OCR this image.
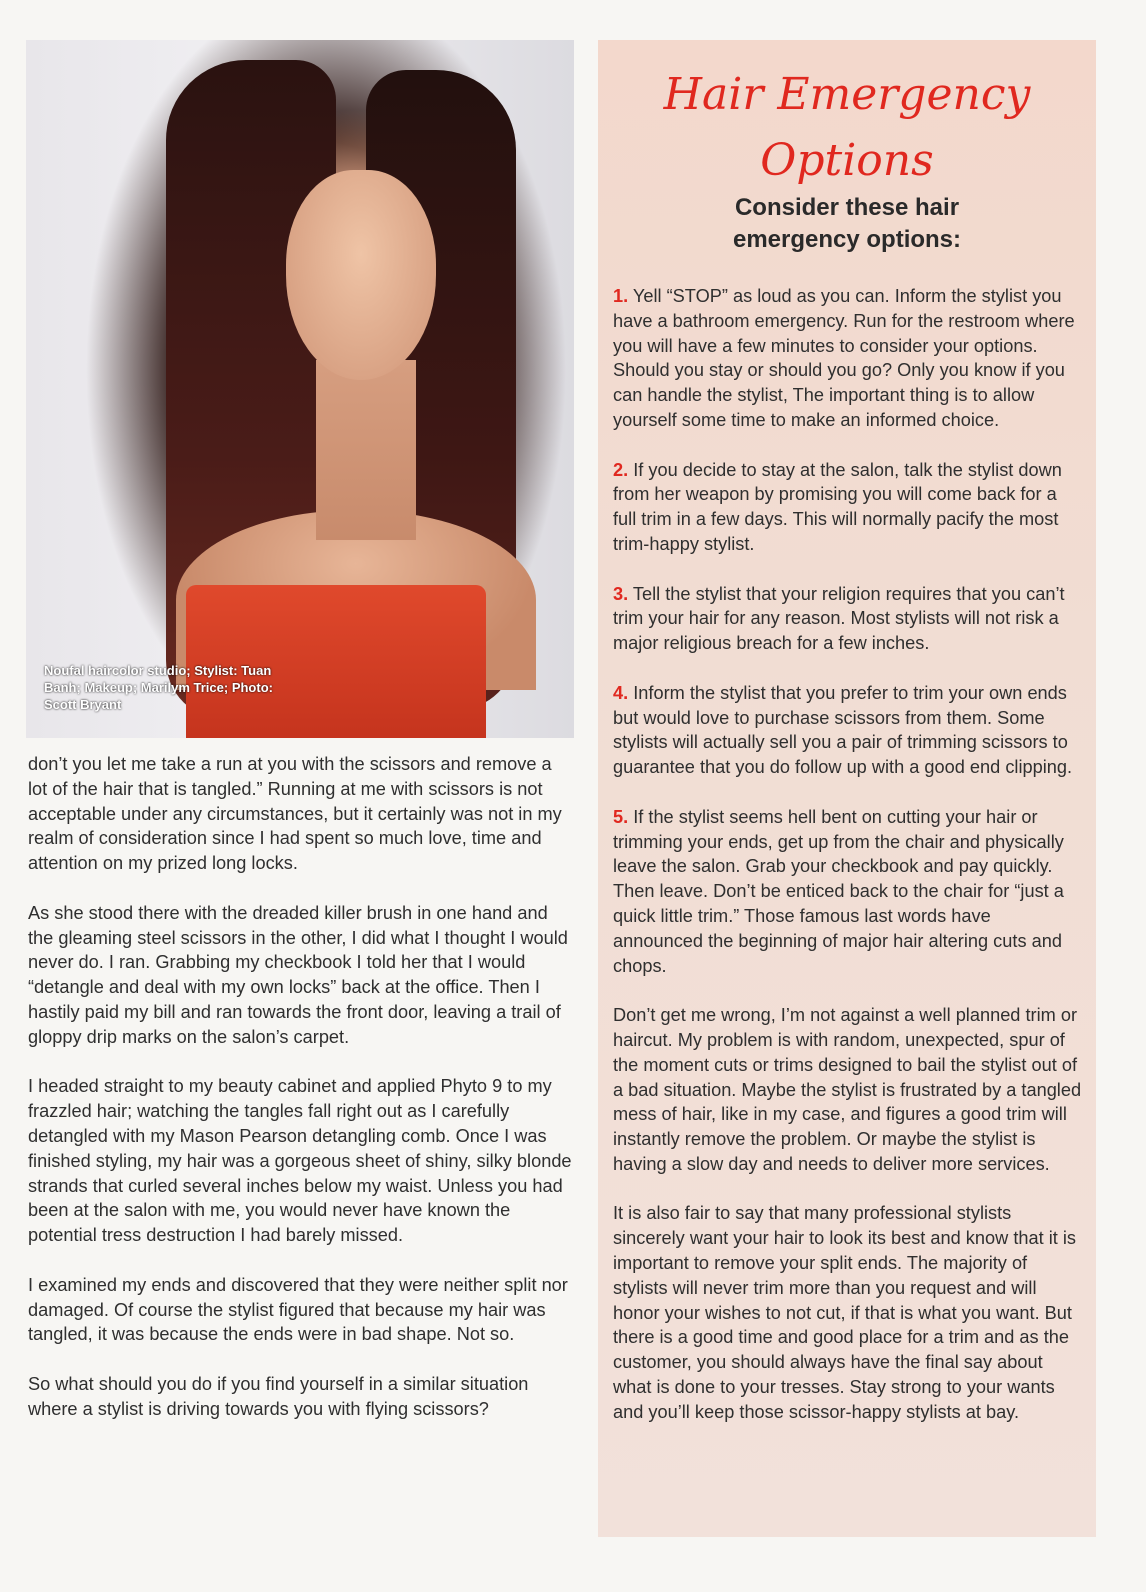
Noufal haircolor studio; Stylist: Tuan Banh; Makeup; Marilym Trice; Photo: Scott Bryant

don’t you let me take a run at you with the scissors and remove a lot of the hair that is tangled.” Running at me with scissors is not acceptable under any circumstances, but it certainly was not in my realm of consideration since I had spent so much love, time and attention on my prized long locks.

As she stood there with the dreaded killer brush in one hand and the gleaming steel scissors in the other, I did what I thought I would never do. I ran. Grabbing my checkbook I told her that I would “detangle and deal with my own locks” back at the office. Then I hastily paid my bill and ran towards the front door, leaving a trail of gloppy drip marks on the salon’s carpet.

I headed straight to my beauty cabinet and applied Phyto 9 to my frazzled hair; watching the tangles fall right out as I carefully detangled with my Mason Pearson detangling comb. Once I was finished styling, my hair was a gorgeous sheet of shiny, silky blonde strands that curled several inches below my waist. Unless you had been at the salon with me, you would never have known the potential tress destruction I had barely missed.

I examined my ends and discovered that they were neither split nor damaged. Of course the stylist figured that because my hair was tangled, it was because the ends were in bad shape. Not so.

So what should you do if you find yourself in a similar situation where a stylist is driving towards you with flying scissors?

Hair Emergency
Options
Consider these hair
emergency options:

1. Yell “STOP” as loud as you can. Inform the stylist you have a bathroom emergency. Run for the restroom where you will have a few minutes to consider your options. Should you stay or should you go? Only you know if you can handle the stylist, The important thing is to allow yourself some time to make an informed choice.

2. If you decide to stay at the salon, talk the stylist down from her weapon by promising you will come back for a full trim in a few days. This will normally pacify the most trim-happy stylist.

3. Tell the stylist that your religion requires that you can’t trim your hair for any reason. Most stylists will not risk a major religious breach for a few inches.

4. Inform the stylist that you prefer to trim your own ends but would love to purchase scissors from them. Some stylists will actually sell you a pair of trimming scissors to guarantee that you do follow up with a good end clipping.

5. If the stylist seems hell bent on cutting your hair or trimming your ends, get up from the chair and physically leave the salon. Grab your checkbook and pay quickly. Then leave. Don’t be enticed back to the chair for “just a quick little trim.” Those famous last words have announced the beginning of major hair altering cuts and chops.

Don’t get me wrong, I’m not against a well planned trim or haircut. My problem is with random, unexpected, spur of the moment cuts or trims designed to bail the stylist out of a bad situation. Maybe the stylist is frustrated by a tangled mess of hair, like in my case, and figures a good trim will instantly remove the problem. Or maybe the stylist is having a slow day and needs to deliver more services.

It is also fair to say that many professional stylists sincerely want your hair to look its best and know that it is important to remove your split ends. The majority of stylists will never trim more than you request and will honor your wishes to not cut, if that is what you want. But there is a good time and good place for a trim and as the customer, you should always have the final say about what is done to your tresses. Stay strong to your wants and you’ll keep those scissor-happy stylists at bay.
